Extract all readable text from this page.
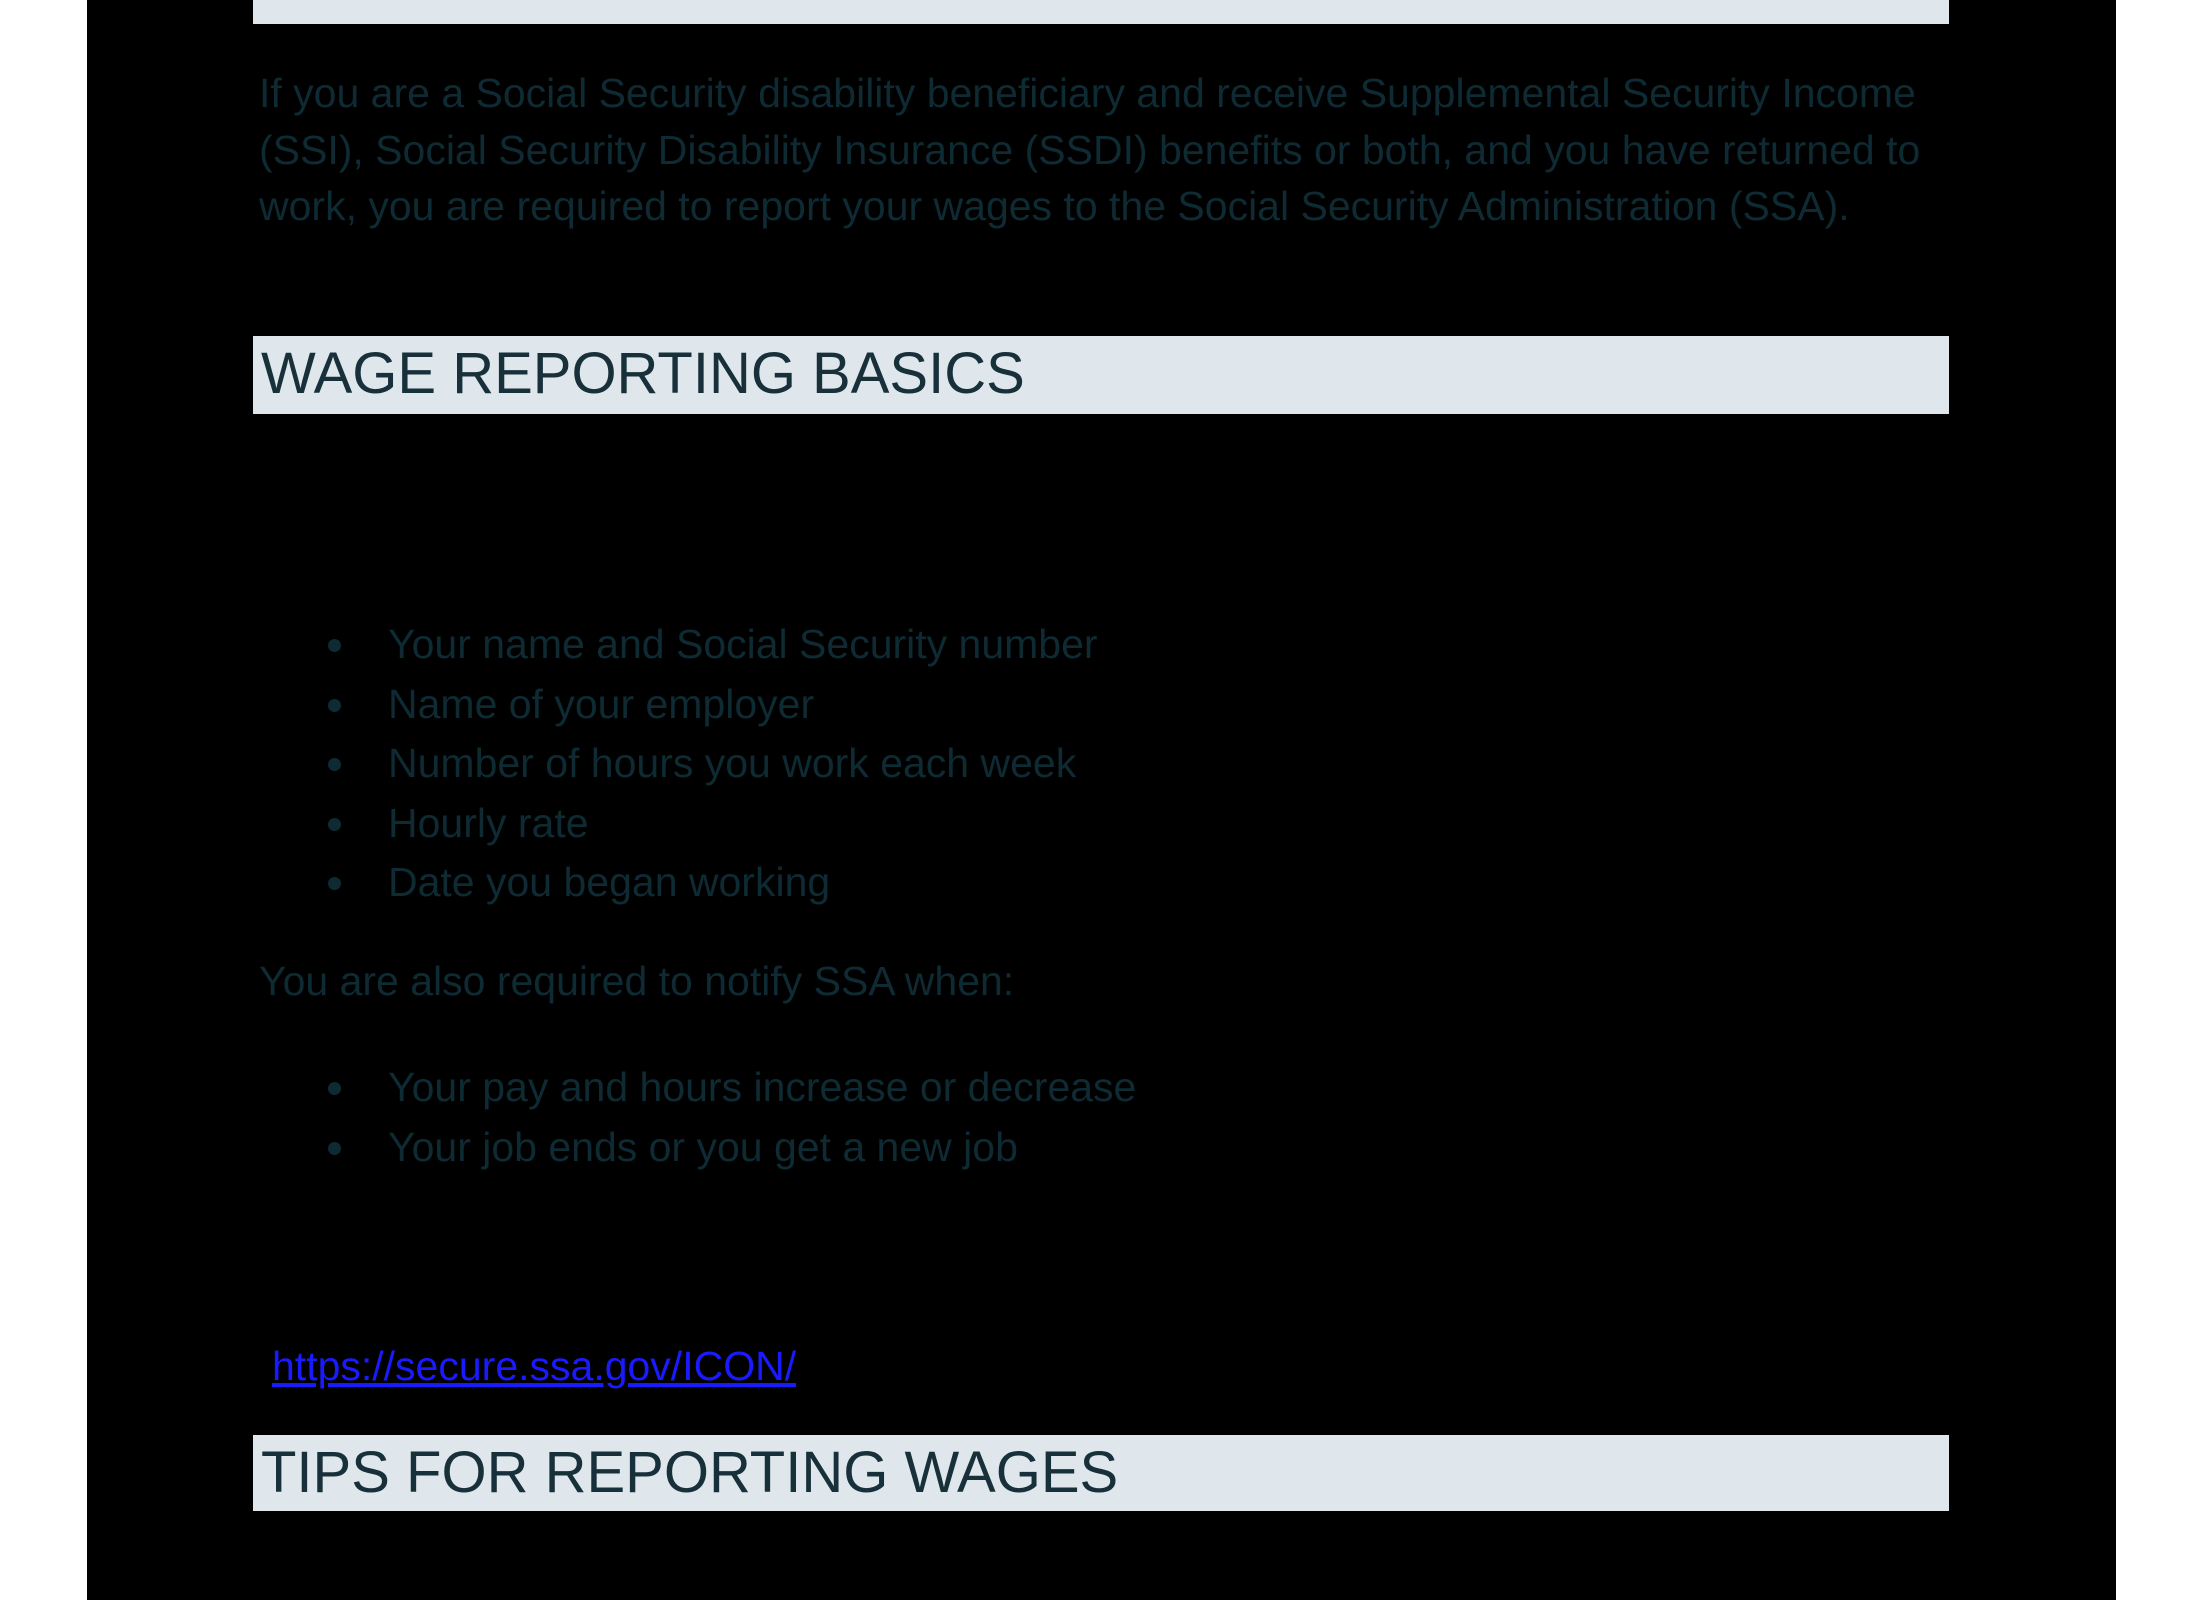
If you are a Social Security disability beneficiary and receive Supplemental Security Income (SSI), Social Security Disability Insurance (SSDI) benefits or both, and you have returned to work, you are required to report your wages to the Social Security Administration (SSA).

WAGE REPORTING BASICS
Your name and Social Security number
Name of your employer
Number of hours you work each week
Hourly rate
Date you began working

You are also required to notify SSA when:

Your pay and hours increase or decrease
Your job ends or you get a new job
https://secure.ssa.gov/ICON/
TIPS FOR REPORTING WAGES
